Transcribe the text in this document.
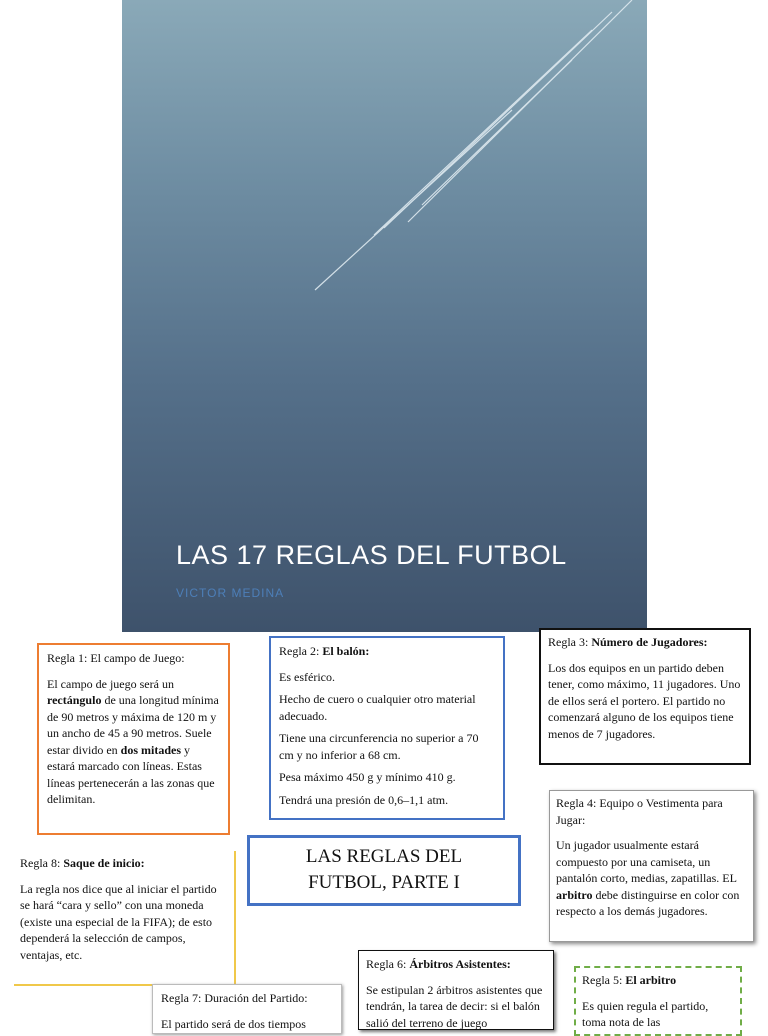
LAS 17 REGLAS DEL FUTBOL
VICTOR MEDINA

Regla 1: El campo de Juego:

El campo de juego será un rectángulo de una longitud mínima de 90 metros y máxima de 120 m y un ancho de 45 a 90 metros. Suele estar divido en dos mitades y estará marcado con líneas. Estas líneas pertenecerán a las zonas que delimitan.

Regla 2: El balón:

Es esférico.

Hecho de cuero o cualquier otro material adecuado.

Tiene una circunferencia no superior a 70 cm y no inferior a 68 cm.

Pesa máximo 450 g y mínimo 410 g.

Tendrá una presión de 0,6–1,1 atm.

Regla 3: Número de Jugadores:

Los dos equipos en un partido deben tener, como máximo, 11 jugadores. Uno de ellos será el portero. El partido no comenzará alguno de los equipos tiene menos de 7 jugadores.

Regla 4: Equipo o Vestimenta para Jugar:

Un jugador usualmente estará compuesto por una camiseta, un pantalón corto, medias, zapatillas. EL arbitro debe distinguirse en color con respecto a los demás jugadores.

LAS REGLAS DEL
FUTBOL, PARTE I

Regla 8: Saque de inicio:

La regla nos dice que al iniciar el partido se hará “cara y sello” con una moneda (existe una especial de la FIFA); de esto dependerá la selección de campos, ventajas, etc.

Regla 6: Árbitros Asistentes:

Se estipulan 2 árbitros asistentes que tendrán, la tarea de decir: si el balón salió del terreno de juego

Regla 5: El arbitro

Es quien regula el partido, toma nota de las

Regla 7: Duración del Partido:

El partido será de dos tiempos
